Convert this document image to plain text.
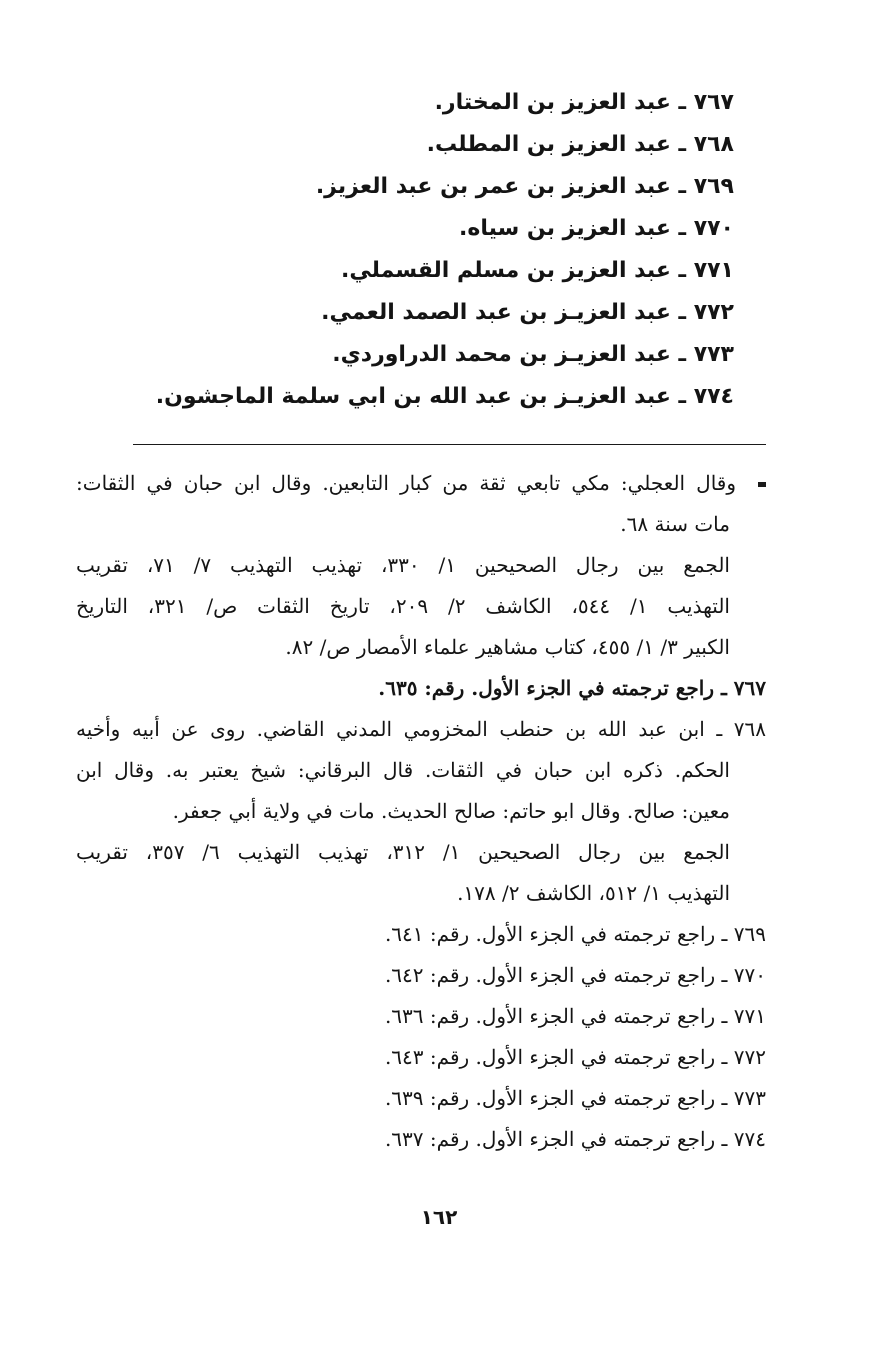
٧٦٧ ـ عبد العزيز بن المختار.
٧٦٨ ـ عبد العزيز بن المطلب.
٧٦٩ ـ عبد العزيز بن عمر بن عبد العزيز.
٧٧٠ ـ عبد العزيز بن سياه.
٧٧١ ـ عبد العزيز بن مسلم القسملي.
٧٧٢ ـ عبد العزيـز بن عبد الصمد العمي.
٧٧٣ ـ عبد العزيـز بن محمد الدراوردي.
٧٧٤ ـ عبد العزيـز بن عبد الله بن ابي سلمة الماجشون.
وقال العجلي: مكي تابعي ثقة من كبار التابعين. وقال ابن حبان في الثقات:
مات سنة ٦٨.
الجمع بين رجال الصحيحين ١/ ٣٣٠، تهذيب التهذيب ٧/ ٧١، تقريب
التهذيب ١/ ٥٤٤، الكاشف ٢/ ٢٠٩، تاريخ الثقات ص/ ٣٢١، التاريخ
الكبير ٣/ ١/ ٤٥٥، كتاب مشاهير علماء الأمصار ص/ ٨٢.
٧٦٧ ـ راجع ترجمته في الجزء الأول. رقم: ٦٣٥.
٧٦٨ ـ ابن عبد الله بن حنطب المخزومي المدني القاضي. روى عن أبيه وأخيه
الحكم. ذكره ابن حبان في الثقات. قال البرقاني: شيخ يعتبر به. وقال ابن
معين: صالح. وقال ابو حاتم: صالح الحديث. مات في ولاية أبي جعفر.
الجمع بين رجال الصحيحين ١/ ٣١٢، تهذيب التهذيب ٦/ ٣٥٧، تقريب
التهذيب ١/ ٥١٢، الكاشف ٢/ ١٧٨.
٧٦٩ ـ راجع ترجمته في الجزء الأول. رقم: ٦٤١.
٧٧٠ ـ راجع ترجمته في الجزء الأول. رقم: ٦٤٢.
٧٧١ ـ راجع ترجمته في الجزء الأول. رقم: ٦٣٦.
٧٧٢ ـ راجع ترجمته في الجزء الأول. رقم: ٦٤٣.
٧٧٣ ـ راجع ترجمته في الجزء الأول. رقم: ٦٣٩.
٧٧٤ ـ راجع ترجمته في الجزء الأول. رقم: ٦٣٧.
١٦٢
